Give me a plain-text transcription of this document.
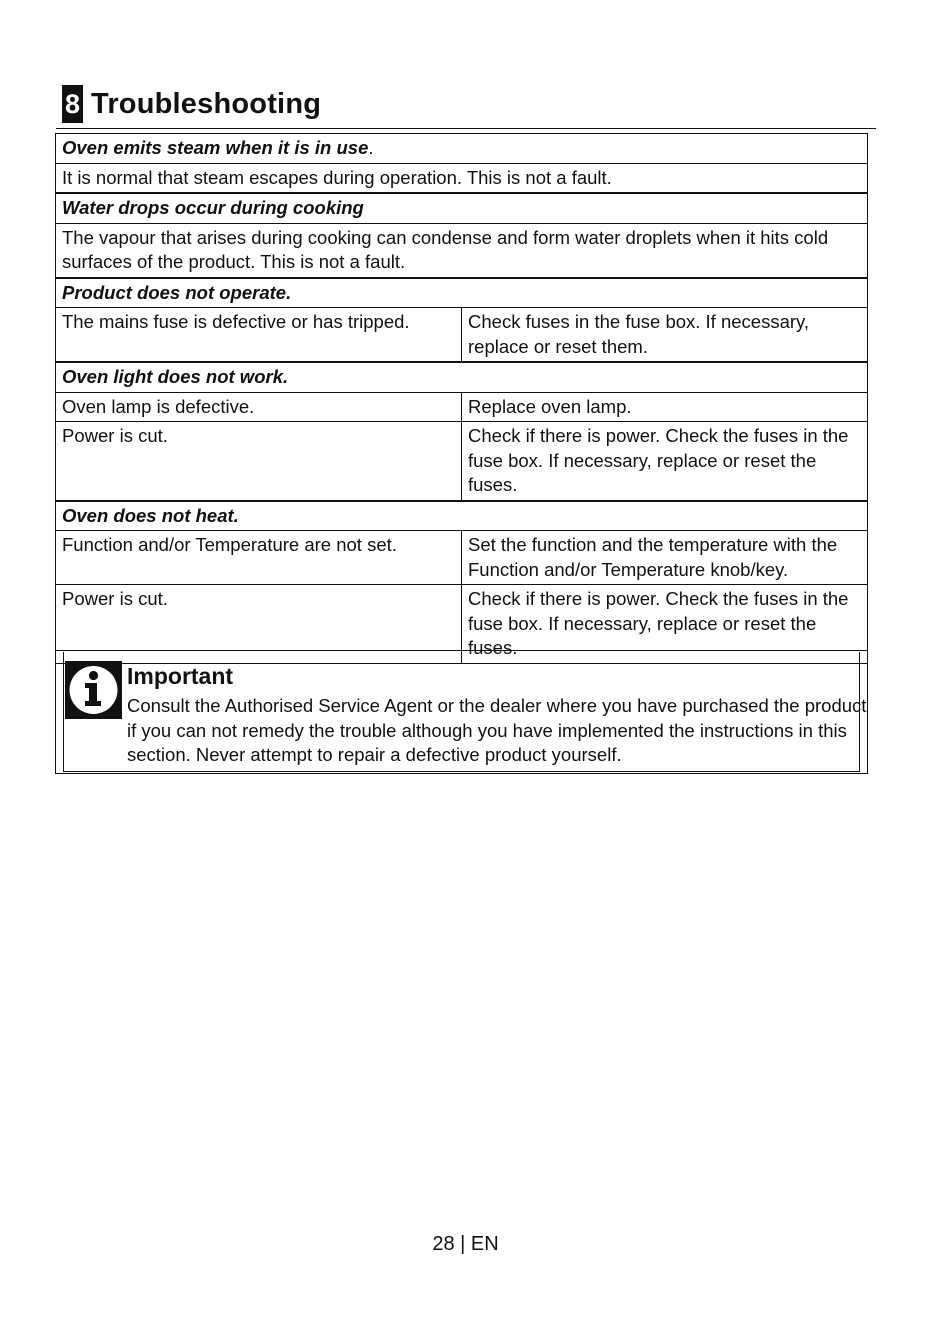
8 Troubleshooting
Oven emits steam when it is in use.	
It is normal that steam escapes during operation. This is not a fault.	
Water drops occur during cooking	
The vapour that arises during cooking can condense and form water droplets when it hits cold surfaces of the product. This is not a fault.	
Product does not operate.	
The mains fuse is defective or has tripped.	Check fuses in the fuse box. If necessary, replace or reset them.
Oven light does not work.	
Oven lamp is defective.	Replace oven lamp.
Power is cut.	Check if there is power. Check the fuses in the fuse box. If necessary, replace or reset the fuses.
Oven does not heat.	
Function and/or Temperature are not set.	Set the function and the temperature with the Function and/or Temperature knob/key.
Power is cut.	Check if there is power. Check the fuses in the fuse box. If necessary, replace or reset the fuses.
Important
Consult the Authorised Service Agent or the dealer where you have purchased the product if you can not remedy the trouble although you have implemented the instructions in this section. Never attempt to repair a defective product yourself.
28 | EN
